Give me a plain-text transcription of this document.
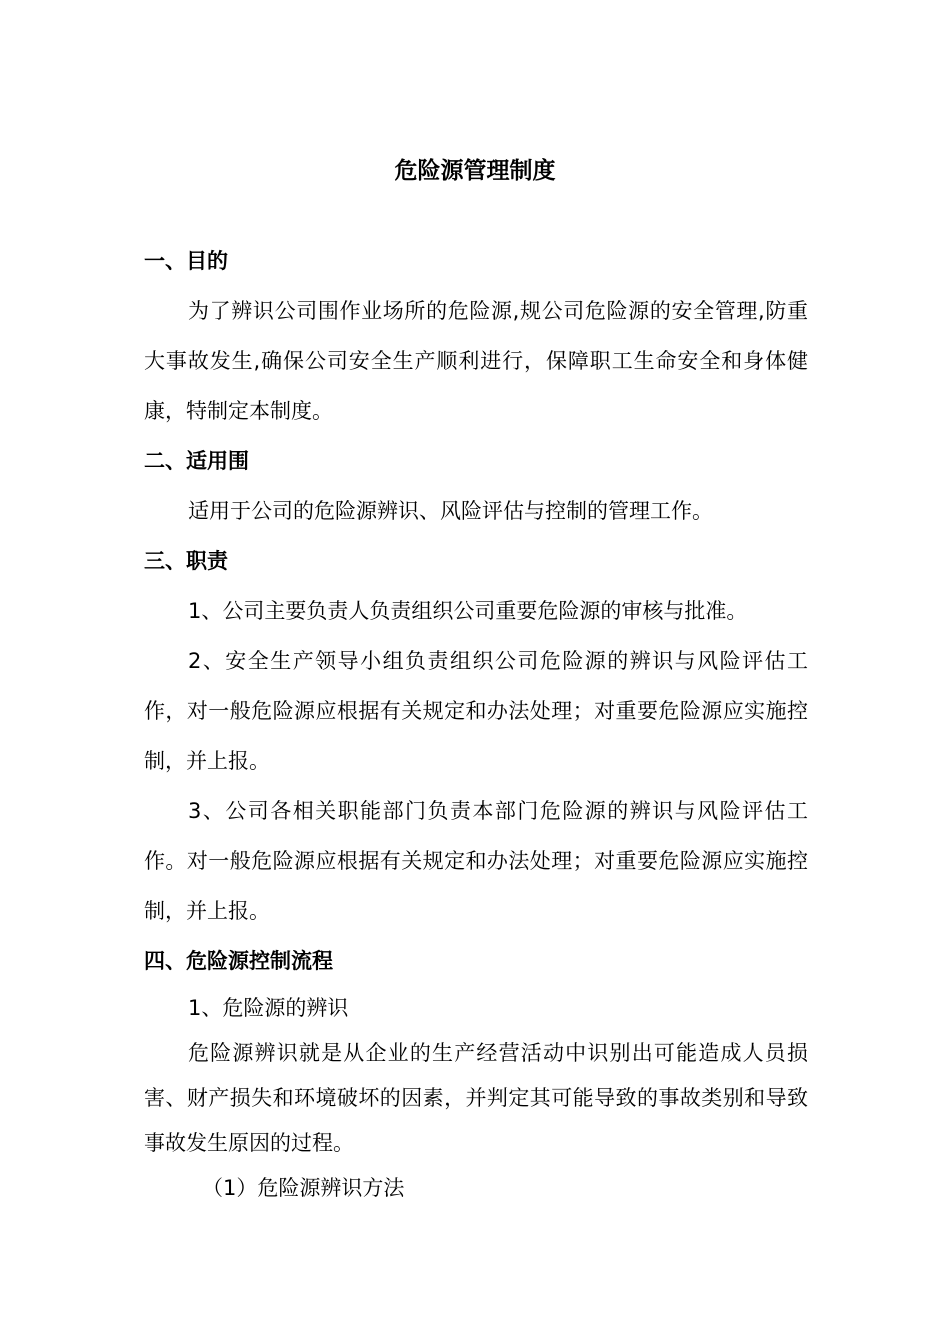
危险源管理制度
一、目的

为了辨识公司围作业场所的危险源,规公司危险源的安全管理,防重大事故发生,确保公司安全生产顺利进行，保障职工生命安全和身体健康，特制定本制度。

二、适用围

适用于公司的危险源辨识、风险评估与控制的管理工作。

三、职责

1、公司主要负责人负责组织公司重要危险源的审核与批准。

2、安全生产领导小组负责组织公司危险源的辨识与风险评估工作，对一般危险源应根据有关规定和办法处理；对重要危险源应实施控制，并上报。

3、公司各相关职能部门负责本部门危险源的辨识与风险评估工作。对一般危险源应根据有关规定和办法处理；对重要危险源应实施控制，并上报。

四、危险源控制流程

1、危险源的辨识

危险源辨识就是从企业的生产经营活动中识别出可能造成人员损害、财产损失和环境破坏的因素，并判定其可能导致的事故类别和导致事故发生原因的过程。

（1）危险源辨识方法
